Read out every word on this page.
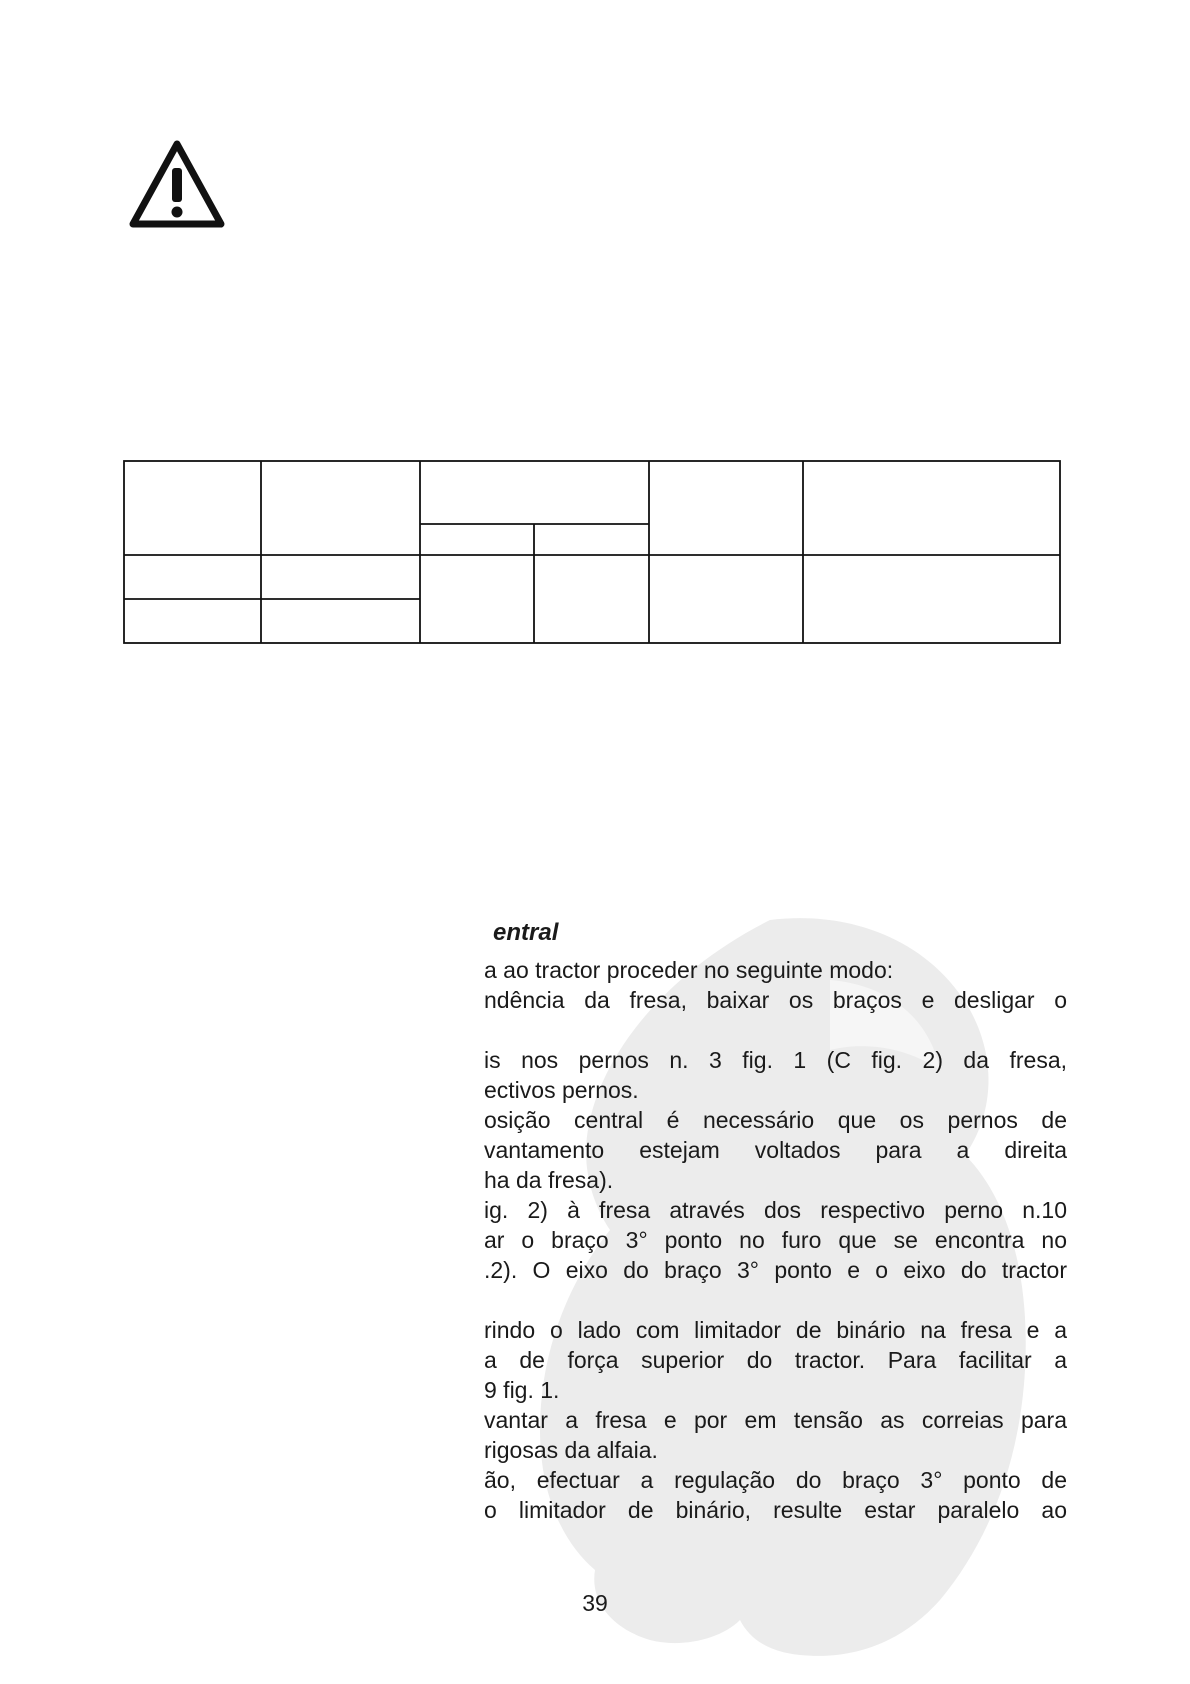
entral
a ao tractor proceder no seguinte modo:
ndência da fresa, baixar os braços e desligar o
is nos pernos n. 3 fig. 1 (C fig. 2) da fresa,
ectivos pernos.
osição central é necessário que os pernos de
vantamento estejam voltados para a direita
ha da fresa).
ig. 2) à fresa através dos respectivo perno n.10
ar o braço 3° ponto no furo que se encontra no
.2). O eixo do braço 3° ponto e o eixo do tractor
rindo o lado com limitador de binário na fresa e a
a de força superior do tractor. Para facilitar a
9 fig. 1.
vantar a fresa e por em tensão as correias para
rigosas da alfaia.
ão, efectuar a regulação do braço 3° ponto de
o limitador de binário, resulte estar paralelo ao
39
